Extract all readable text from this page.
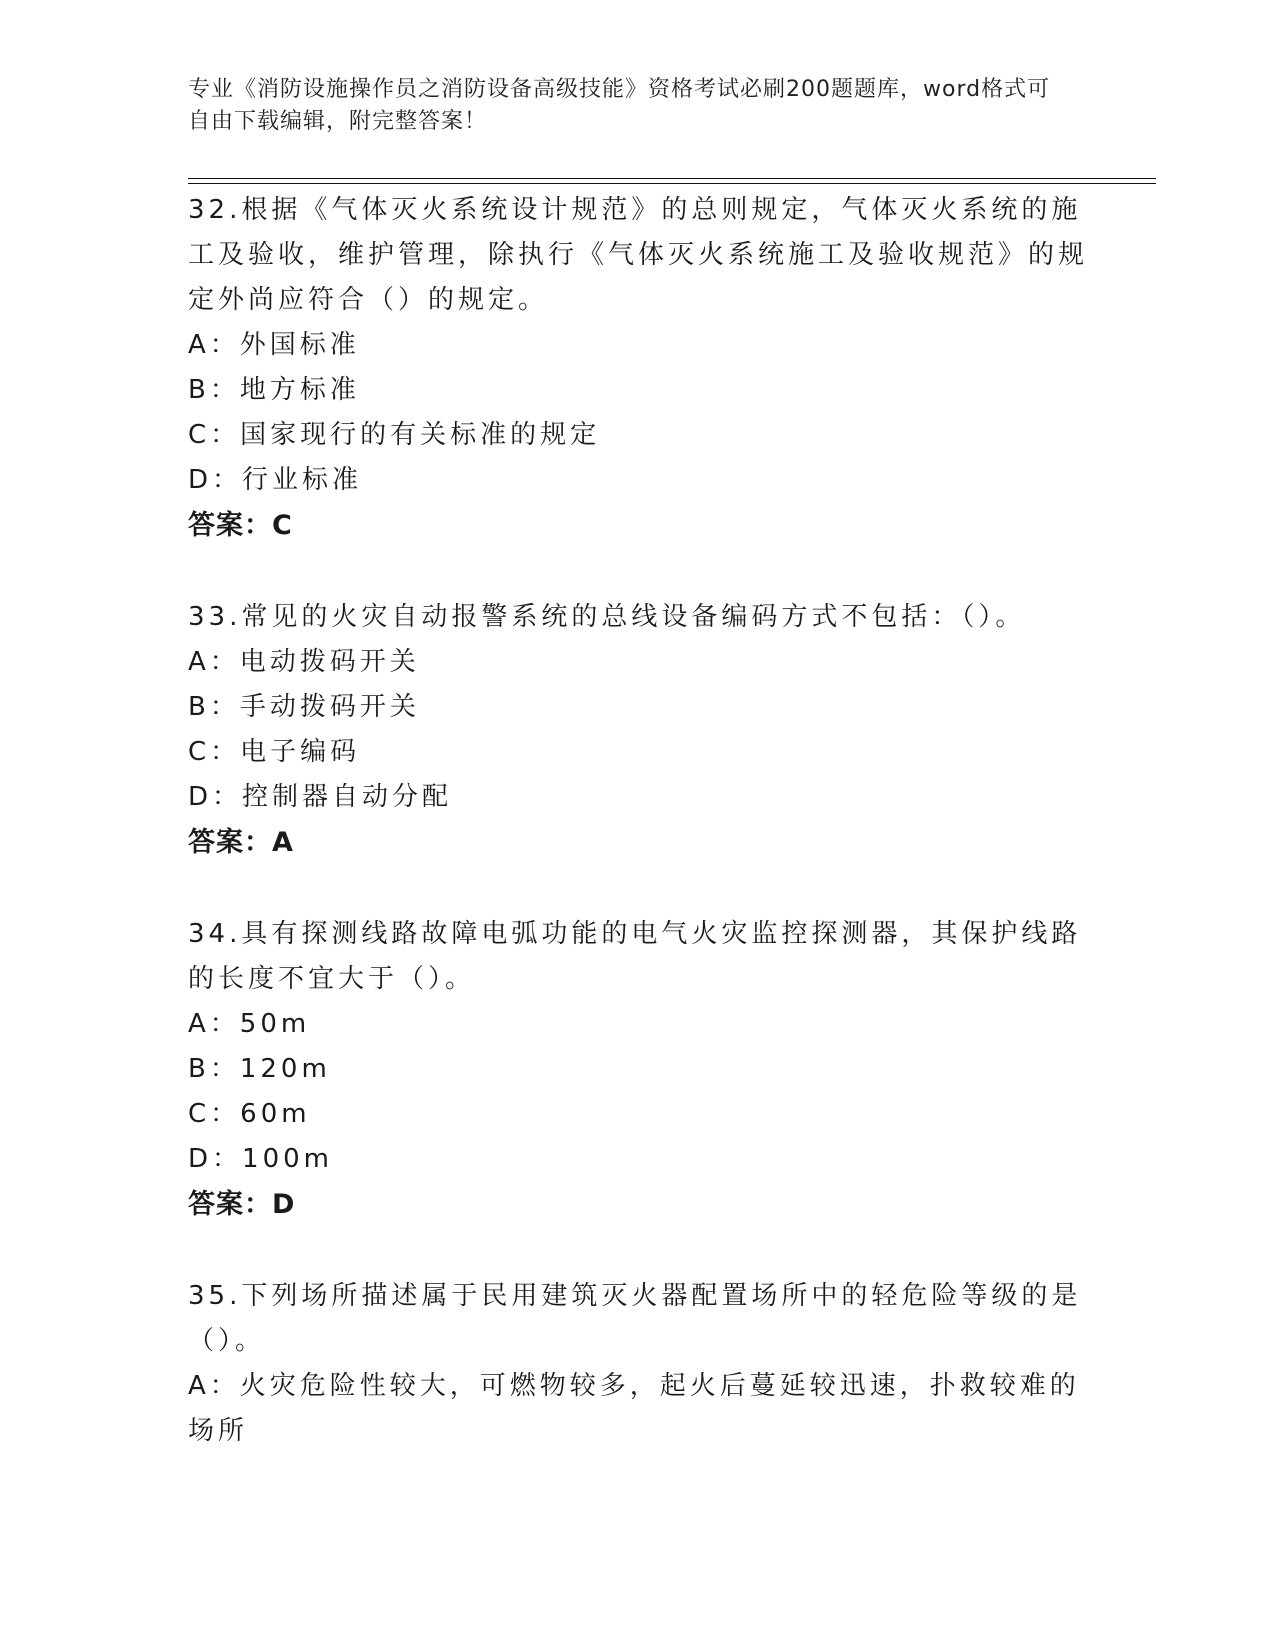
专业《消防设施操作员之消防设备高级技能》资格考试必刷200题题库，word格式可自由下载编辑，附完整答案！

32.根据《气体灭火系统设计规范》的总则规定，气体灭火系统的施工及验收，维护管理，除执行《气体灭火系统施工及验收规范》的规定外尚应符合（）的规定。

A：外国标准

B：地方标准

C：国家现行的有关标准的规定

D：行业标准

答案：C

33.常见的火灾自动报警系统的总线设备编码方式不包括：（）。

A：电动拨码开关

B：手动拨码开关

C：电子编码

D：控制器自动分配

答案：A

34.具有探测线路故障电弧功能的电气火灾监控探测器，其保护线路的长度不宜大于（）。

A：50m

B：120m

C：60m

D：100m

答案：D

35.下列场所描述属于民用建筑灭火器配置场所中的轻危险等级的是（）。

A：火灾危险性较大，可燃物较多，起火后蔓延较迅速，扑救较难的场所
